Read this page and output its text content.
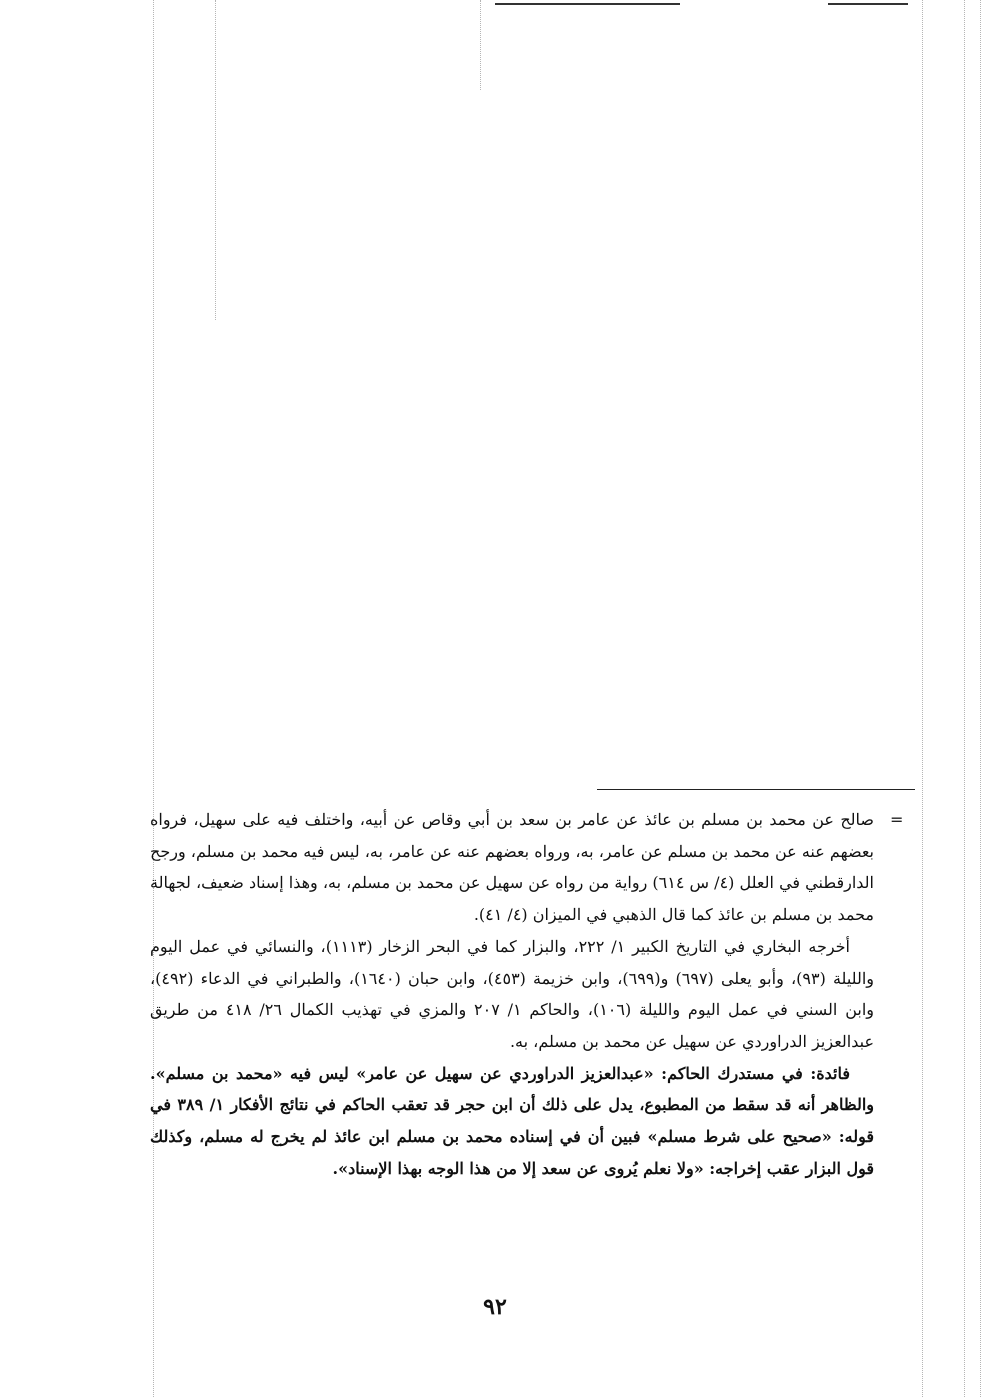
=

صالح عن محمد بن مسلم بن عائذ عن عامر بن سعد بن أبي وقاص عن أبيه، واختلف فيه على سهيل، فرواه بعضهم عنه عن محمد بن مسلم عن عامر، به، ورواه بعضهم عنه عن عامر، به، ليس فيه محمد بن مسلم، ورجح الدارقطني في العلل (٤/ س ٦١٤) رواية من رواه عن سهيل عن محمد بن مسلم، به، وهذا إسناد ضعيف، لجهالة محمد بن مسلم بن عائذ كما قال الذهبي في الميزان (٤/ ٤١).

أخرجه البخاري في التاريخ الكبير ١/ ٢٢٢، والبزار كما في البحر الزخار (١١١٣)، والنسائي في عمل اليوم والليلة (٩٣)، وأبو يعلى (٦٩٧) و(٦٩٩)، وابن خزيمة (٤٥٣)، وابن حبان (١٦٤٠)، والطبراني في الدعاء (٤٩٢)، وابن السني في عمل اليوم والليلة (١٠٦)، والحاكم ١/ ٢٠٧ والمزي في تهذيب الكمال ٢٦/ ٤١٨ من طريق عبدالعزيز الدراوردي عن سهيل عن محمد بن مسلم، به.

فائدة: في مستدرك الحاكم: «عبدالعزيز الدراوردي عن سهيل عن عامر» ليس فيه «محمد بن مسلم». والظاهر أنه قد سقط من المطبوع، يدل على ذلك أن ابن حجر قد تعقب الحاكم في نتائج الأفكار ١/ ٣٨٩ في قوله: «صحيح على شرط مسلم» فبين أن في إسناده محمد بن مسلم ابن عائذ لم يخرج له مسلم، وكذلك قول البزار عقب إخراجه: «ولا نعلم يُروى عن سعد إلا من هذا الوجه بهذا الإسناد».

٩٢
